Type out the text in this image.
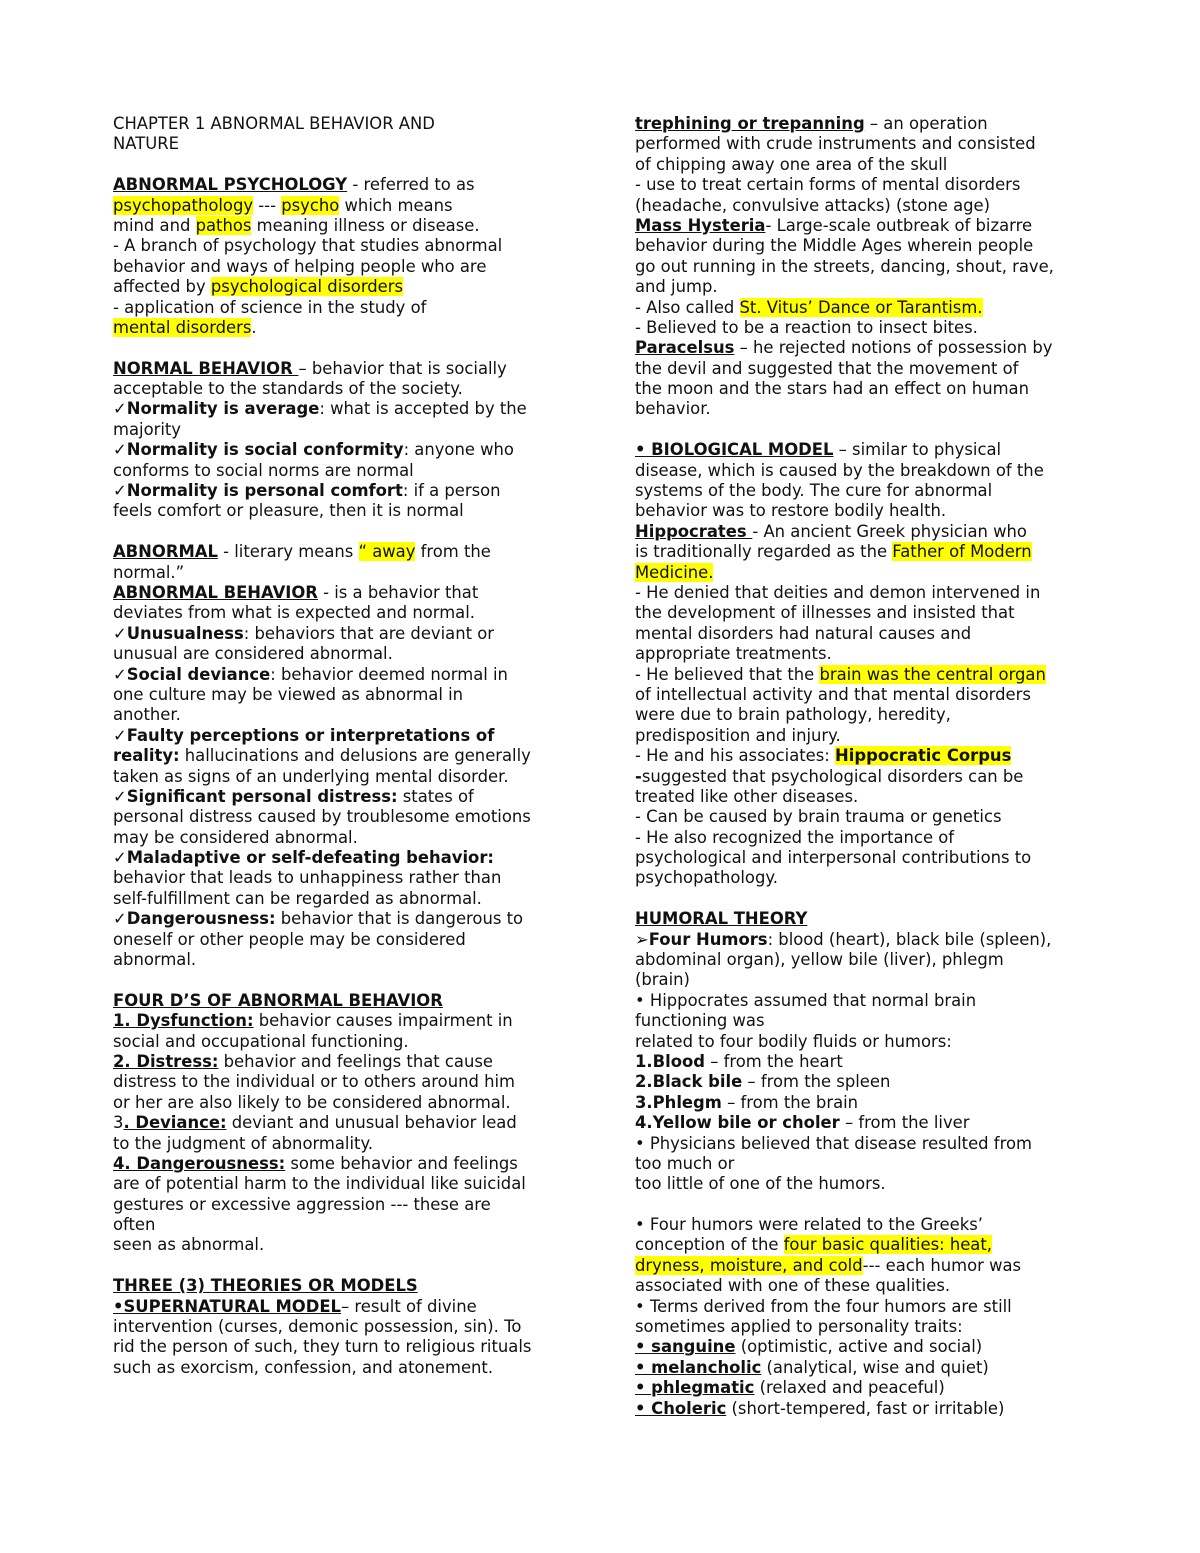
CHAPTER 1 ABNORMAL BEHAVIOR AND
NATURE
ABNORMAL PSYCHOLOGY - referred to as
psychopathology --- psycho which means
mind and pathos meaning illness or disease.
- A branch of psychology that studies abnormal
behavior and ways of helping people who are
affected by psychological disorders
- application of science in the study of
mental disorders.
NORMAL BEHAVIOR – behavior that is socially
acceptable to the standards of the society.
✓Normality is average: what is accepted by the
majority
✓Normality is social conformity: anyone who
conforms to social norms are normal
✓Normality is personal comfort: if a person
feels comfort or pleasure, then it is normal
ABNORMAL - literary means “ away from the
normal.”
ABNORMAL BEHAVIOR - is a behavior that
deviates from what is expected and normal.
✓Unusualness: behaviors that are deviant or
unusual are considered abnormal.
✓Social deviance: behavior deemed normal in
one culture may be viewed as abnormal in
another.
✓Faulty perceptions or interpretations of
reality: hallucinations and delusions are generally
taken as signs of an underlying mental disorder.
✓Significant personal distress: states of
personal distress caused by troublesome emotions
may be considered abnormal.
✓Maladaptive or self-defeating behavior:
behavior that leads to unhappiness rather than
self-fulfillment can be regarded as abnormal.
✓Dangerousness: behavior that is dangerous to
oneself or other people may be considered
abnormal.
FOUR D’S OF ABNORMAL BEHAVIOR
1. Dysfunction: behavior causes impairment in
social and occupational functioning.
2. Distress: behavior and feelings that cause
distress to the individual or to others around him
or her are also likely to be considered abnormal.
3. Deviance: deviant and unusual behavior lead
to the judgment of abnormality.
4. Dangerousness: some behavior and feelings
are of potential harm to the individual like suicidal
gestures or excessive aggression --- these are
often
seen as abnormal.
THREE (3) THEORIES OR MODELS
•SUPERNATURAL MODEL– result of divine
intervention (curses, demonic possession, sin). To
rid the person of such, they turn to religious rituals
such as exorcism, confession, and atonement.
trephining or trepanning – an operation
performed with crude instruments and consisted
of chipping away one area of the skull
- use to treat certain forms of mental disorders
(headache, convulsive attacks) (stone age)
Mass Hysteria- Large-scale outbreak of bizarre
behavior during the Middle Ages wherein people
go out running in the streets, dancing, shout, rave,
and jump.
- Also called St. Vitus’ Dance or Tarantism.
- Believed to be a reaction to insect bites.
Paracelsus – he rejected notions of possession by
the devil and suggested that the movement of
the moon and the stars had an effect on human
behavior.
• BIOLOGICAL MODEL – similar to physical
disease, which is caused by the breakdown of the
systems of the body. The cure for abnormal
behavior was to restore bodily health.
Hippocrates - An ancient Greek physician who
is traditionally regarded as the Father of Modern
Medicine.
- He denied that deities and demon intervened in
the development of illnesses and insisted that
mental disorders had natural causes and
appropriate treatments.
- He believed that the brain was the central organ
of intellectual activity and that mental disorders
were due to brain pathology, heredity,
predisposition and injury.
- He and his associates: Hippocratic Corpus
-suggested that psychological disorders can be
treated like other diseases.
- Can be caused by brain trauma or genetics
- He also recognized the importance of
psychological and interpersonal contributions to
psychopathology.
HUMORAL THEORY
➢Four Humors: blood (heart), black bile (spleen),
abdominal organ), yellow bile (liver), phlegm
(brain)
• Hippocrates assumed that normal brain
functioning was
related to four bodily fluids or humors:
1.Blood – from the heart
2.Black bile – from the spleen
3.Phlegm – from the brain
4.Yellow bile or choler – from the liver
• Physicians believed that disease resulted from
too much or
too little of one of the humors.
• Four humors were related to the Greeks’
conception of the four basic qualities: heat,
dryness, moisture, and cold--- each humor was
associated with one of these qualities.
• Terms derived from the four humors are still
sometimes applied to personality traits:
• sanguine (optimistic, active and social)
• melancholic (analytical, wise and quiet)
• phlegmatic (relaxed and peaceful)
• Choleric (short-tempered, fast or irritable)
